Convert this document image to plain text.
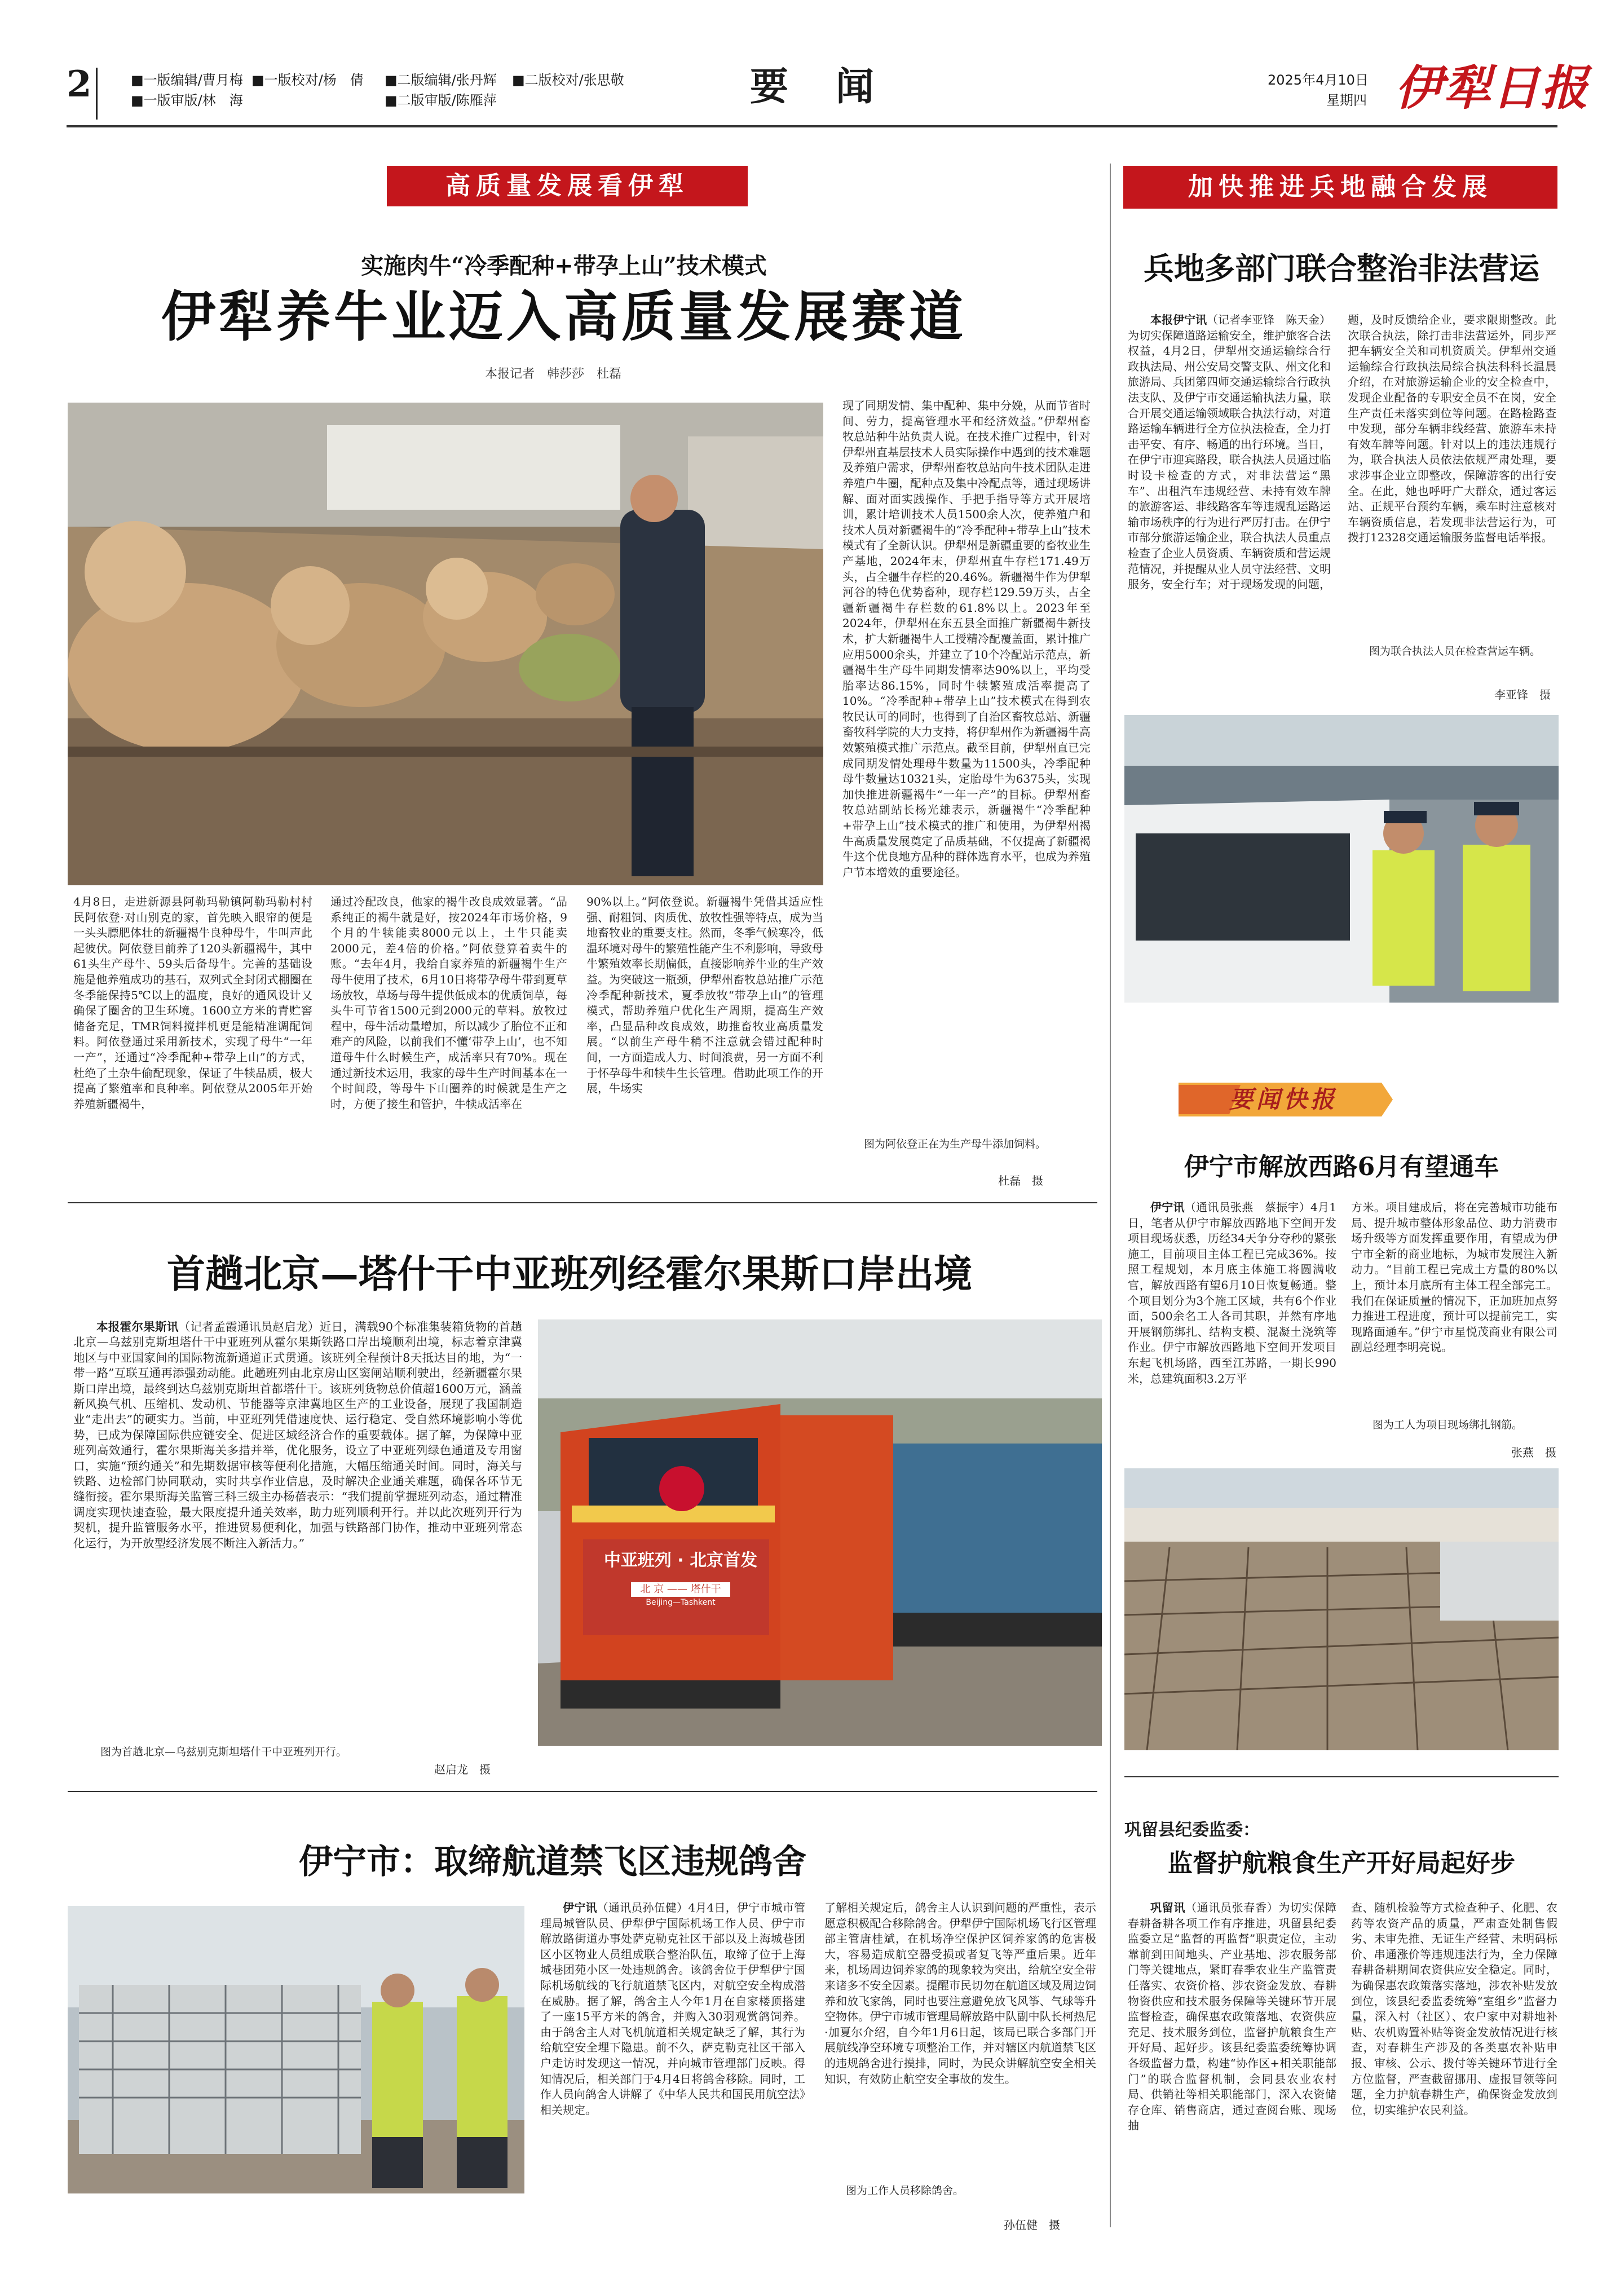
2	■一版编辑/曹月梅
■一版审版/林　海
■一版校对/杨　倩 ■二版编辑/张丹辉
■二版审版/陈雁萍
■二版校对/张思敬	要　闻	2025年4月10日
星期四 伊犁日报
高质量发展看伊犁
实施肉牛“冷季配种+带孕上山”技术模式
伊犁养牛业迈入高质量发展赛道
本报记者　韩莎莎　杜磊
4月8日，走进新源县阿勒玛勒镇阿勒玛勒村村民阿依登·对山别克的家，首先映入眼帘的便是一头头膘肥体壮的新疆褐牛良种母牛，牛叫声此起彼伏。阿依登目前养了120头新疆褐牛，其中61头生产母牛、59头后备母牛。完善的基础设施是他养殖成功的基石，双列式全封闭式棚圈在冬季能保持5℃以上的温度，良好的通风设计又确保了圈舍的卫生环境。1600立方米的青贮窖储备充足，TMR饲料搅拌机更是能精准调配饲料。阿依登通过采用新技术，实现了母牛“一年一产”，还通过“冷季配种+带孕上山”的方式，杜绝了土杂牛偷配现象，保证了牛犊品质，极大提高了繁殖率和良种率。阿依登从2005年开始养殖新疆褐牛，
通过冷配改良，他家的褐牛改良成效显著。“品系纯正的褐牛就是好，按2024年市场价格，9个月的牛犊能卖8000元以上，土牛只能卖2000元，差4倍的价格。”阿依登算着卖牛的账。“去年4月，我给自家养殖的新疆褐牛生产母牛使用了技术，6月10日将带孕母牛带到夏草场放牧，草场与母牛提供低成本的优质饲草，每头牛可节省1500元到2000元的草料。放牧过程中，母牛活动量增加，所以减少了胎位不正和难产的风险，以前我们不懂‘带孕上山’，也不知道母牛什么时候生产，成活率只有70%。现在通过新技术运用，我家的母牛生产时间基本在一个时间段，等母牛下山圈养的时候就是生产之时，方便了接生和管护，牛犊成活率在
90%以上。”阿依登说。新疆褐牛凭借其适应性强、耐粗饲、肉质优、放牧性强等特点，成为当地畜牧业的重要支柱。然而，冬季气候寒冷，低温环境对母牛的繁殖性能产生不利影响，导致母牛繁殖效率长期偏低，直接影响养牛业的生产效益。为突破这一瓶颈，伊犁州畜牧总站推广示范冷季配种新技术，夏季放牧“带孕上山”的管理模式，帮助养殖户优化生产周期，提高生产效率，凸显品种改良成效，助推畜牧业高质量发展。“以前生产母牛稍不注意就会错过配种时间，一方面造成人力、时间浪费，另一方面不利于怀孕母牛和犊牛生长管理。借助此项工作的开展，牛场实
现了同期发情、集中配种、集中分娩，从而节省时间、劳力，提高管理水平和经济效益。”伊犁州畜牧总站种牛站负责人说。在技术推广过程中，针对伊犁州直基层技术人员实际操作中遇到的技术难题及养殖户需求，伊犁州畜牧总站向牛技术团队走进养殖户牛圈，配种点及集中冷配点等，通过现场讲解、面对面实践操作、手把手指导等方式开展培训，累计培训技术人员1500余人次，使养殖户和技术人员对新疆褐牛的“冷季配种+带孕上山”技术模式有了全新认识。伊犁州是新疆重要的畜牧业生产基地，2024年末，伊犁州直牛存栏171.49万头，占全疆牛存栏的20.46%。新疆褐牛作为伊犁河谷的特色优势畜种，现存栏129.59万头，占全疆新疆褐牛存栏数的61.8%以上。2023年至2024年，伊犁州在东五县全面推广新疆褐牛新技术，扩大新疆褐牛人工授精冷配覆盖面，累计推广应用5000余头，并建立了10个冷配站示范点，新疆褐牛生产母牛同期发情率达90%以上，平均受胎率达86.15%，同时牛犊繁殖成活率提高了10%。“冷季配种+带孕上山”技术模式在得到农牧民认可的同时，也得到了自治区畜牧总站、新疆畜牧科学院的大力支持，将伊犁州作为新疆褐牛高效繁殖模式推广示范点。截至目前，伊犁州直已完成同期发情处理母牛数量为11500头，冷季配种母牛数量达10321头，定胎母牛为6375头，实现加快推进新疆褐牛“一年一产”的目标。伊犁州畜牧总站副站长杨光雄表示，新疆褐牛“冷季配种+带孕上山”技术模式的推广和使用，为伊犁州褐牛高质量发展奠定了品质基础，不仅提高了新疆褐牛这个优良地方品种的群体选育水平，也成为养殖户节本增效的重要途径。
图为阿依登正在为生产母牛添加饲料。
杜磊　摄
首趟北京—塔什干中亚班列经霍尔果斯口岸出境

本报霍尔果斯讯（记者孟霞通讯员赵启龙）近日，满载90个标准集装箱货物的首趟北京—乌兹别克斯坦塔什干中亚班列从霍尔果斯铁路口岸出境顺利出境，标志着京津冀地区与中亚国家间的国际物流新通道正式贯通。该班列全程预计8天抵达目的地，为“一带一路”互联互通再添强劲动能。此趟班列由北京房山区窦闸站顺利驶出，经新疆霍尔果斯口岸出境，最终到达乌兹别克斯坦首都塔什干。该班列货物总价值超1600万元，涵盖新风换气机、压缩机、发动机、节能器等京津冀地区生产的工业设备，展现了我国制造业“走出去”的硬实力。当前，中亚班列凭借速度快、运行稳定、受自然环境影响小等优势，已成为保障国际供应链安全、促进区域经济合作的重要载体。据了解，为保障中亚班列高效通行，霍尔果斯海关多措并举，优化服务，设立了中亚班列绿色通道及专用窗口，实施“预约通关”和先期数据审核等便利化措施，大幅压缩通关时间。同时，海关与铁路、边检部门协同联动，实时共享作业信息，及时解决企业通关难题，确保各环节无缝衔接。霍尔果斯海关监管三科三级主办杨蓓表示：“我们提前掌握班列动态，通过精准调度实现快速查验，最大限度提升通关效率，助力班列顺利开行。并以此次班列开行为契机，提升监管服务水平，推进贸易便利化，加强与铁路部门协作，推动中亚班列常态化运行，为开放型经济发展不断注入新活力。”

中亚班列 · 北京首发
北 京 —— 塔什干
Beijing—Tashkent
图为首趟北京—乌兹别克斯坦塔什干中亚班列开行。
赵启龙　摄
伊宁市：取缔航道禁飞区违规鸽舍

伊宁讯（通讯员孙伍健）4月4日，伊宁市城市管理局城管队员、伊犁伊宁国际机场工作人员、伊宁市解放路街道办事处萨克勒克社区干部以及上海城巷团区小区物业人员组成联合整治队伍，取缔了位于上海城巷团苑小区一处违规鸽舍。该鸽舍位于伊犁伊宁国际机场航线的飞行航道禁飞区内，对航空安全构成潜在威胁。据了解，鸽舍主人今年1月在自家楼顶搭建了一座15平方米的鸽舍，并购入30羽观赏鸽饲养。由于鸽舍主人对飞机航道相关规定缺乏了解，其行为给航空安全埋下隐患。前不久，萨克勒克社区干部入户走访时发现这一情况，并向城市管理部门反映。得知情况后，相关部门于4月4日将鸽舍移除。同时，工作人员向鸽舍人讲解了《中华人民共和国民用航空法》相关规定。

了解相关规定后，鸽舍主人认识到问题的严重性，表示愿意积极配合移除鸽舍。伊犁伊宁国际机场飞行区管理部主管唐桂斌，在机场净空保护区饲养家鸽的危害极大，容易造成航空器受损或者复飞等严重后果。近年来，机场周边饲养家鸽的现象较为突出，给航空安全带来诸多不安全因素。提醒市民切勿在航道区域及周边饲养和放飞家鸽，同时也要注意避免放飞风筝、气球等升空物体。伊宁市城市管理局解放路中队副中队长柯热尼·加夏尔介绍，自今年1月6日起，该局已联合多部门开展航线净空环境专项整治工作，并对辖区内航道禁飞区的违规鸽舍进行摸排，同时，为民众讲解航空安全相关知识，有效防止航空安全事故的发生。
图为工作人员移除鸽舍。
孙伍健　摄
加快推进兵地融合发展
兵地多部门联合整治非法营运

本报伊宁讯（记者李亚锋　陈天金）为切实保障道路运输安全，维护旅客合法权益，4月2日，伊犁州交通运输综合行政执法局、州公安局交警支队、州文化和旅游局、兵团第四师交通运输综合行政执法支队、及伊宁市交通运输执法力量，联合开展交通运输领域联合执法行动，对道路运输车辆进行全方位执法检查，全力打击平安、有序、畅通的出行环境。当日，在伊宁市迎宾路段，联合执法人员通过临时设卡检查的方式，对非法营运“黑车”、出租汽车违规经营、未持有效车牌的旅游客运、非线路客车等违规乱运路运输市场秩序的行为进行严厉打击。在伊宁市部分旅游运输企业，联合执法人员重点检查了企业人员资质、车辆资质和营运规范情况，并提醒从业人员守法经营、文明服务，安全行车；对于现场发现的问题，

题，及时反馈给企业，要求限期整改。此次联合执法，除打击非法营运外，同步严把车辆安全关和司机资质关。伊犁州交通运输综合行政执法局综合执法科科长温晨介绍，在对旅游运输企业的安全检查中，发现企业配备的专职安全员不在岗，安全生产责任未落实到位等问题。在路检路查中发现，部分车辆非线经营、旅游车未持有效车牌等问题。针对以上的违法违规行为，联合执法人员依法依规严肃处理，要求涉事企业立即整改，保障游客的出行安全。在此，她也呼吁广大群众，通过客运站、正规平台预约车辆，乘车时注意核对车辆资质信息，若发现非法营运行为，可拨打12328交通运输服务监督电话举报。
图为联合执法人员在检查营运车辆。
李亚锋　摄
要闻快报
伊宁市解放西路6月有望通车

伊宁讯（通讯员张燕　蔡振宇）4月1日，笔者从伊宁市解放西路地下空间开发项目现场获悉，历经34天争分夺秒的紧张施工，目前项目主体工程已完成36%。按照工程规划，本月底主体施工将圆满收官，解放西路有望6月10日恢复畅通。整个项目划分为3个施工区域，共有6个作业面，500余名工人各司其职，并然有序地开展钢筋绑扎、结构支模、混凝土浇筑等作业。伊宁市解放西路地下空间开发项目东起飞机场路，西至江苏路，一期长990米，总建筑面积3.2万平

方米。项目建成后，将在完善城市功能布局、提升城市整体形象品位、助力消费市场升级等方面发挥重要作用，有望成为伊宁市全新的商业地标，为城市发展注入新动力。“目前工程已完成土方量的80%以上，预计本月底所有主体工程全部完工。我们在保证质量的情况下，正加班加点努力推进工程进度，预计可以提前完工，实现路面通车。”伊宁市星悦茂商业有限公司副总经理李明亮说。
图为工人为项目现场绑扎钢筋。
张燕　摄
巩留县纪委监委：
监督护航粮食生产开好局起好步

巩留讯（通讯员张春香）为切实保障春耕备耕各项工作有序推进，巩留县纪委监委立足“监督的再监督”职责定位，主动靠前到田间地头、产业基地、涉农服务部门等关键地点，紧盯春季农业生产监管责任落实、农资价格、涉农资金发放、春耕物资供应和技术服务保障等关键环节开展监督检查，确保惠农政策落地、农资供应充足、技术服务到位，监督护航粮食生产开好局、起好步。该县纪委监委统筹协调各级监督力量，构建“协作区+相关职能部门”的联合监督机制，会同县农业农村局、供销社等相关职能部门，深入农资储存仓库、销售商店，通过查阅台账、现场抽

查、随机检验等方式检查种子、化肥、农药等农资产品的质量，严肃查处制售假劣、未审先推、无证生产经营、未明码标价、串通涨价等违规违法行为，全力保障春耕备耕期间农资供应安全稳定。同时，为确保惠农政策落实落地，涉农补贴发放到位，该县纪委监委统筹“室组乡”监督力量，深入村（社区）、农户家中对耕地补贴、农机购置补贴等资金发放情况进行核查，对春耕生产涉及的各类惠农补贴申报、审核、公示、拨付等关键环节进行全方位监督，严查截留挪用、虚报冒领等问题，全力护航春耕生产，确保资金发放到位，切实维护农民利益。
